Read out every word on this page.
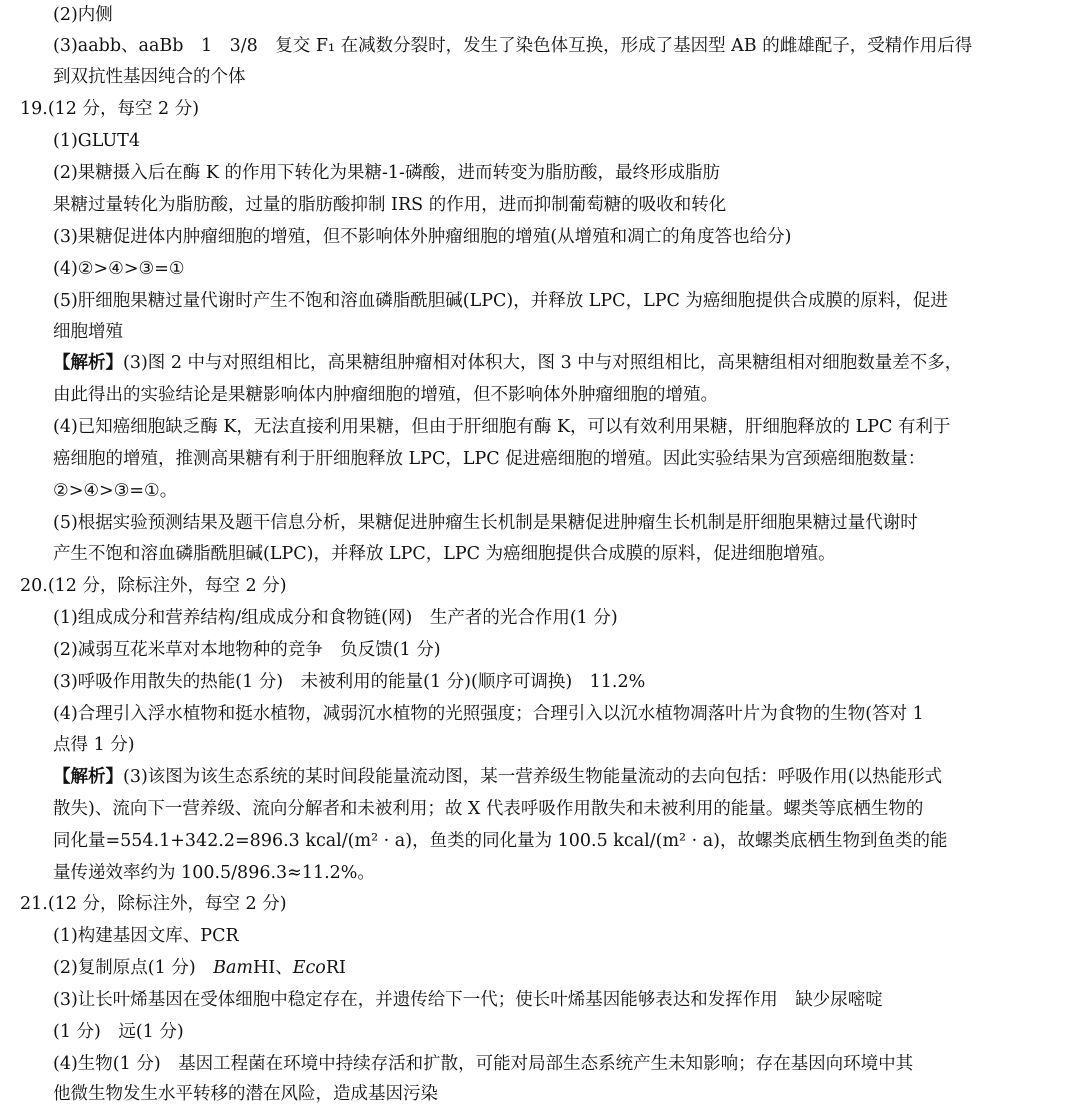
(2)内侧
(3)aabb、aaBb　1　3/8　复交 F₁ 在减数分裂时，发生了染色体互换，形成了基因型 AB 的雌雄配子，受精作用后得
到双抗性基因纯合的个体
19.(12 分，每空 2 分)
(1)GLUT4
(2)果糖摄入后在酶 K 的作用下转化为果糖-1-磷酸，进而转变为脂肪酸，最终形成脂肪
果糖过量转化为脂肪酸，过量的脂肪酸抑制 IRS 的作用，进而抑制葡萄糖的吸收和转化
(3)果糖促进体内肿瘤细胞的增殖，但不影响体外肿瘤细胞的增殖(从增殖和凋亡的角度答也给分)
(4)②>④>③=①
(5)肝细胞果糖过量代谢时产生不饱和溶血磷脂酰胆碱(LPC)，并释放 LPC，LPC 为癌细胞提供合成膜的原料，促进
细胞增殖
【解析】(3)图 2 中与对照组相比，高果糖组肿瘤相对体积大，图 3 中与对照组相比，高果糖组相对细胞数量差不多，
由此得出的实验结论是果糖影响体内肿瘤细胞的增殖，但不影响体外肿瘤细胞的增殖。
(4)已知癌细胞缺乏酶 K，无法直接利用果糖，但由于肝细胞有酶 K，可以有效利用果糖，肝细胞释放的 LPC 有利于
癌细胞的增殖，推测高果糖有利于肝细胞释放 LPC，LPC 促进癌细胞的增殖。因此实验结果为宫颈癌细胞数量：
②>④>③=①。
(5)根据实验预测结果及题干信息分析，果糖促进肿瘤生长机制是果糖促进肿瘤生长机制是肝细胞果糖过量代谢时
产生不饱和溶血磷脂酰胆碱(LPC)，并释放 LPC，LPC 为癌细胞提供合成膜的原料，促进细胞增殖。
20.(12 分，除标注外，每空 2 分)
(1)组成成分和营养结构/组成成分和食物链(网)　生产者的光合作用(1 分)
(2)减弱互花米草对本地物种的竞争　负反馈(1 分)
(3)呼吸作用散失的热能(1 分)　未被利用的能量(1 分)(顺序可调换)　11.2%
(4)合理引入浮水植物和挺水植物，减弱沉水植物的光照强度；合理引入以沉水植物凋落叶片为食物的生物(答对 1
点得 1 分)
【解析】(3)该图为该生态系统的某时间段能量流动图，某一营养级生物能量流动的去向包括：呼吸作用(以热能形式
散失)、流向下一营养级、流向分解者和未被利用；故 X 代表呼吸作用散失和未被利用的能量。螺类等底栖生物的
同化量=554.1+342.2=896.3 kcal/(m² · a)，鱼类的同化量为 100.5 kcal/(m² · a)，故螺类底栖生物到鱼类的能
量传递效率约为 100.5/896.3≈11.2%。
21.(12 分，除标注外，每空 2 分)
(1)构建基因文库、PCR
(2)复制原点(1 分)　BamHⅠ、EcoRⅠ
(3)让长叶烯基因在受体细胞中稳定存在，并遗传给下一代；使长叶烯基因能够表达和发挥作用　缺少尿嘧啶
(1 分)　远(1 分)
(4)生物(1 分)　基因工程菌在环境中持续存活和扩散，可能对局部生态系统产生未知影响；存在基因向环境中其
他微生物发生水平转移的潜在风险，造成基因污染
